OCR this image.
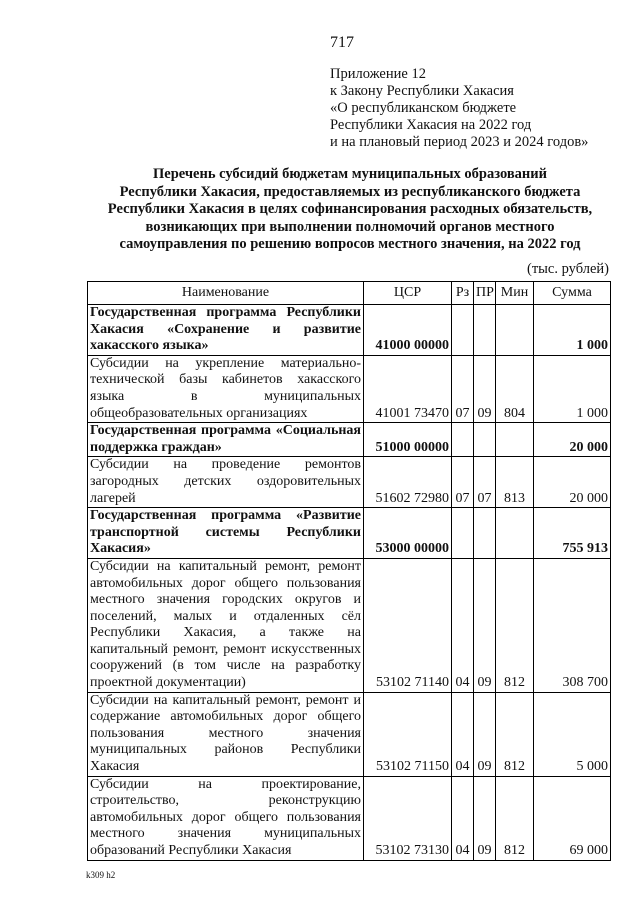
717
Приложение 12
к Закону Республики Хакасия
«О республиканском бюджете
Республики Хакасия на 2022 год
и на плановый период 2023 и 2024 годов»
Перечень субсидий бюджетам муниципальных образований
Республики Хакасия, предоставляемых из республиканского бюджета
Республики Хакасия в целях софинансирования расходных обязательств,
возникающих при выполнении полномочий органов местного
самоуправления по решению вопросов местного значения, на 2022 год
(тыс. рублей)
Наименование	ЦСР	Рз	ПР	Мин	Сумма
Государственная программа Республики Хакасия «Сохранение и развитие хакасского языка»	41000 00000				1 000
Субсидии на укрепление материально-технической базы кабинетов хакасского языка в муниципальных общеобразовательных организациях	41001 73470	07	09	804	1 000
Государственная программа «Социальная поддержка граждан»	51000 00000				20 000
Субсидии на проведение ремонтов загородных детских оздоровительных лагерей	51602 72980	07	07	813	20 000
Государственная программа «Развитие транспортной системы Республики Хакасия»	53000 00000				755 913
Субсидии на капитальный ремонт, ремонт автомобильных дорог общего пользования местного значения городских округов и поселений, малых и отдаленных сёл Республики Хакасия, а также на капитальный ремонт, ремонт искусственных сооружений (в том числе на разработку проектной документации)	53102 71140	04	09	812	308 700
Субсидии на капитальный ремонт, ремонт и содержание автомобильных дорог общего пользования местного значения муниципальных районов Республики Хакасия	53102 71150	04	09	812	5 000
Субсидии на проектирование, строительство, реконструкцию автомобильных дорог общего пользования местного значения муниципальных образований Республики Хакасия	53102 73130	04	09	812	69 000
k309 h2
